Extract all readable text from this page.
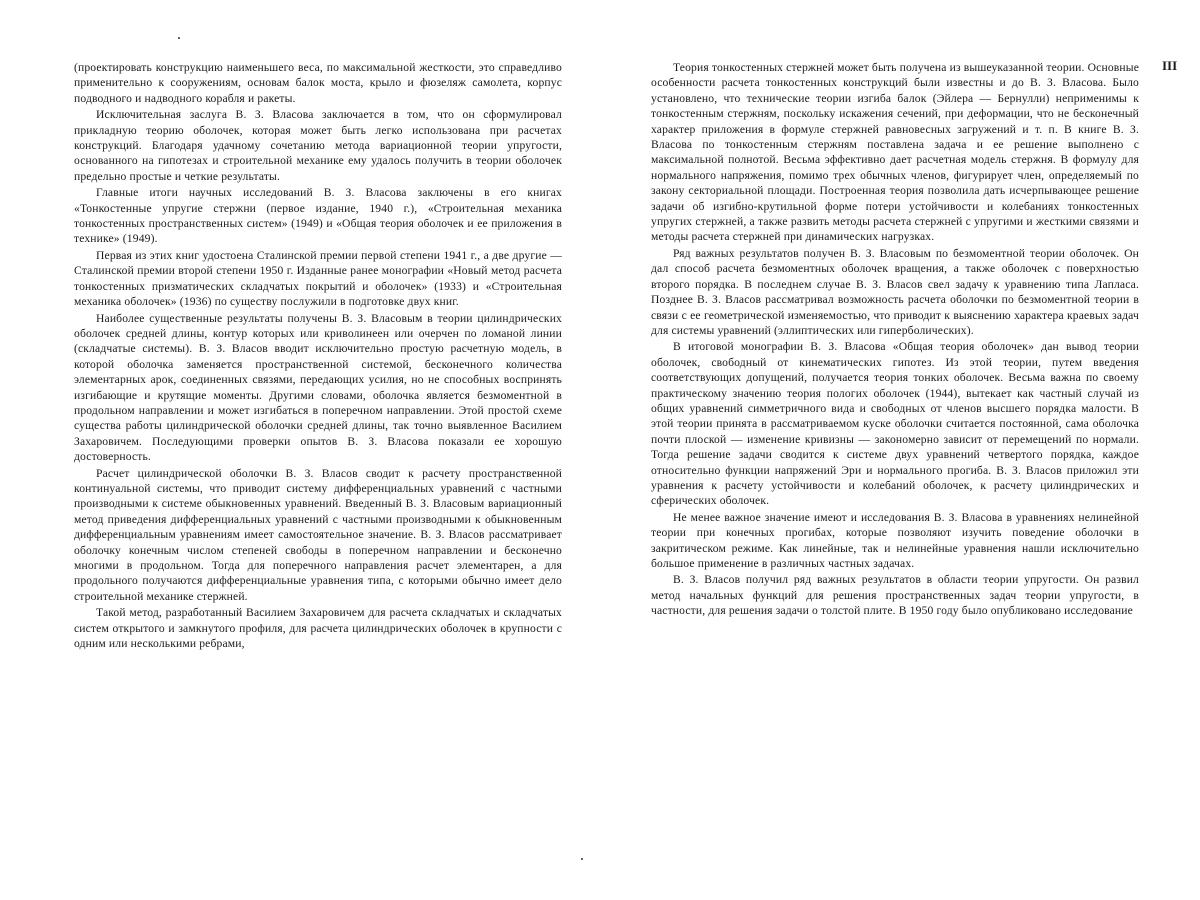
III

(проектировать конструкцию наименьшего веса, по максимальной жесткости, это справедливо применительно к сооружениям, основам балок моста, крыло и фюзеляж самолета, корпус подводного и надводного корабля и ракеты.

Исключительная заслуга В. З. Власова заключается в том, что он сформулировал прикладную теорию оболочек, которая может быть легко использована при расчетах конструкций. Благодаря удачному сочетанию метода вариационной теории упругости, основанного на гипотезах и строительной механике ему удалось получить в теории оболочек предельно простые и четкие результаты.

Главные итоги научных исследований В. З. Власова заключены в его книгах «Тонкостенные упругие стержни (первое издание, 1940 г.), «Строительная механика тонкостенных пространственных систем» (1949) и «Общая теория оболочек и ее приложения в технике» (1949).

Первая из этих книг удостоена Сталинской премии первой степени 1941 г., а две другие — Сталинской премии второй степени 1950 г. Изданные ранее монографии «Новый метод расчета тонкостенных призматических складчатых покрытий и оболочек» (1933) и «Строительная механика оболочек» (1936) по существу послужили в подготовке двух книг.

Наиболее существенные результаты получены В. З. Власовым в теории цилиндрических оболочек средней длины, контур которых или криволинеен или очерчен по ломаной линии (складчатые системы). В. З. Власов вводит исключительно простую расчетную модель, в которой оболочка заменяется пространственной системой, бесконечного количества элементарных арок, соединенных связями, передающих усилия, но не способных воспринять изгибающие и крутящие моменты. Другими словами, оболочка является безмоментной в продольном направлении и может изгибаться в поперечном направлении. Этой простой схеме существа работы цилиндрической оболочки средней длины, так точно выявленное Василием Захаровичем. Последующими проверки опытов В. З. Власова показали ее хорошую достоверность.

Расчет цилиндрической оболочки В. З. Власов сводит к расчету пространственной континуальной системы, что приводит систему дифференциальных уравнений с частными производными к системе обыкновенных уравнений. Введенный В. З. Власовым вариационный метод приведения дифференциальных уравнений с частными производными к обыкновенным дифференциальным уравнениям имеет самостоятельное значение. В. З. Власов рассматривает оболочку конечным числом степеней свободы в поперечном направлении и бесконечно многими в продольном. Тогда для поперечного направления расчет элементарен, а для продольного получаются дифференциальные уравнения типа, с которыми обычно имеет дело строительной механике стержней.

Такой метод, разработанный Василием Захаровичем для расчета складчатых и складчатых систем открытого и замкнутого профиля, для расчета цилиндрических оболочек в крупности с одним или несколькими ребрами,

Теория тонкостенных стержней может быть получена из вышеуказанной теории. Основные особенности расчета тонкостенных конструкций были известны и до В. З. Власова. Было установлено, что технические теории изгиба балок (Эйлера — Бернулли) неприменимы к тонкостенным стержням, поскольку искажения сечений, при деформации, что не бесконечный характер приложения в формуле стержней равновесных загружений и т. п. В книге В. З. Власова по тонкостенным стержням поставлена задача и ее решение выполнено с максимальной полнотой. Весьма эффективно дает расчетная модель стержня. В формулу для нормального напряжения, помимо трех обычных членов, фигурирует член, определяемый по закону секториальной площади. Построенная теория позволила дать исчерпывающее решение задачи об изгибно-крутильной форме потери устойчивости и колебаниях тонкостенных упругих стержней, а также развить методы расчета стержней с упругими и жесткими связями и методы расчета стержней при динамических нагрузках.

Ряд важных результатов получен В. З. Власовым по безмоментной теории оболочек. Он дал способ расчета безмоментных оболочек вращения, а также оболочек с поверхностью второго порядка. В последнем случае В. З. Власов свел задачу к уравнению типа Лапласа. Позднее В. З. Власов рассматривал возможность расчета оболочки по безмоментной теории в связи с ее геометрической изменяемостью, что приводит к выяснению характера краевых задач для системы уравнений (эллиптических или гиперболических).

В итоговой монографии В. З. Власова «Общая теория оболочек» дан вывод теории оболочек, свободный от кинематических гипотез. Из этой теории, путем введения соответствующих допущений, получается теория тонких оболочек. Весьма важна по своему практическому значению теория пологих оболочек (1944), вытекает как частный случай из общих уравнений симметричного вида и свободных от членов высшего порядка малости. В этой теории принята в рассматриваемом куске оболочки считается постоянной, сама оболочка почти плоской — изменение кривизны — закономерно зависит от перемещений по нормали. Тогда решение задачи сводится к системе двух уравнений четвертого порядка, каждое относительно функции напряжений Эри и нормального прогиба. В. З. Власов приложил эти уравнения к расчету устойчивости и колебаний оболочек, к расчету цилиндрических и сферических оболочек.

Не менее важное значение имеют и исследования В. З. Власова в уравнениях нелинейной теории при конечных прогибах, которые позволяют изучить поведение оболочки в закритическом режиме. Как линейные, так и нелинейные уравнения нашли исключительно большое применение в различных частных задачах.

В. З. Власов получил ряд важных результатов в области теории упругости. Он развил метод начальных функций для решения пространственных задач теории упругости, в частности, для решения задачи о толстой плите. В 1950 году было опубликовано исследование
